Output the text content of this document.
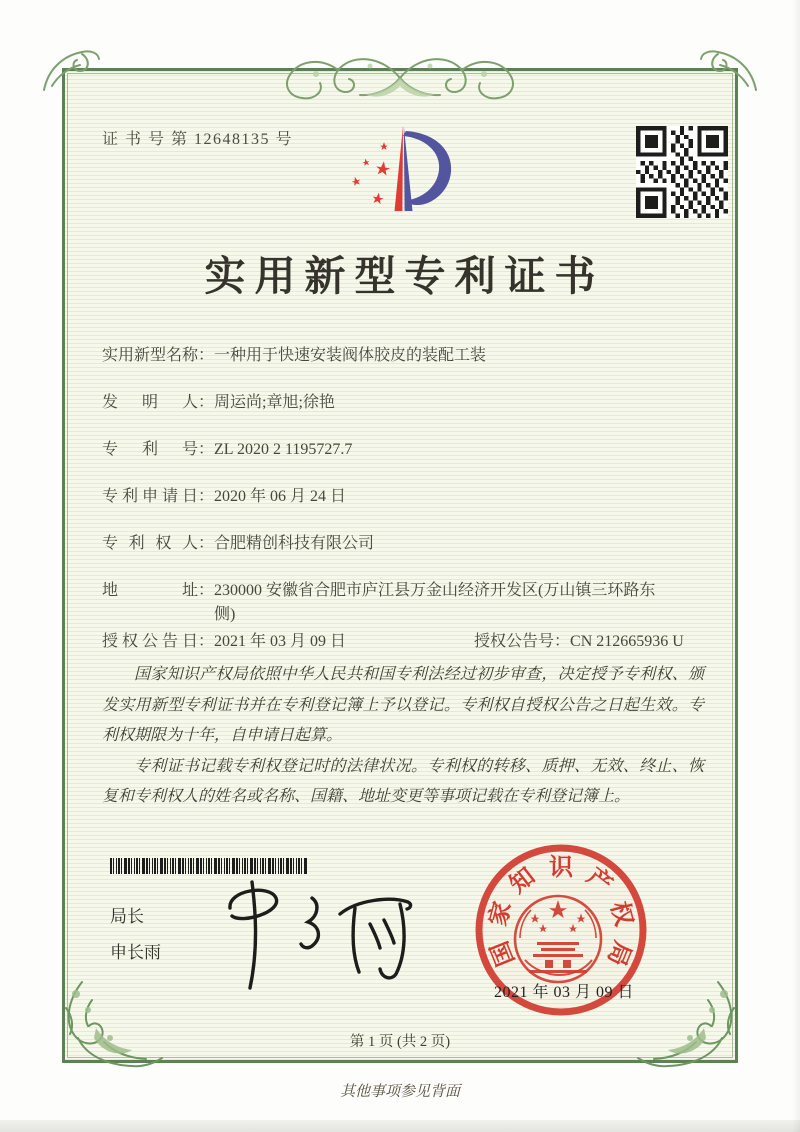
证 书 号 第 12648135 号
实用新型专利证书
实用新型名称 ： 一种用于快速安装阀体胶皮的装配工装
发明人 ： 周运尚;章旭;徐艳
专利号 ： ZL 2020 2 1195727.7
专利申请日 ： 2020 年 06 月 24 日
专利权人 ： 合肥精创科技有限公司
地址 ： 230000 安徽省合肥市庐江县万金山经济开发区(万山镇三环路东侧)
授权公告日：2021 年 03 月 09 日	授权公告号：CN 212665936 U

国家知识产权局依照中华人民共和国专利法经过初步审查，决定授予专利权、颁发实用新型专利证书并在专利登记簿上予以登记。专利权自授权公告之日起生效。专利权期限为十年，自申请日起算。

专利证书记载专利权登记时的法律状况。专利权的转移、质押、无效、终止、恢复和专利权人的姓名或名称、国籍、地址变更等事项记载在专利登记簿上。

局长
申长雨	国
家
知 识 产
权
局
2021 年 03 月 09 日
第 1 页 (共 2 页)
其他事项参见背面
